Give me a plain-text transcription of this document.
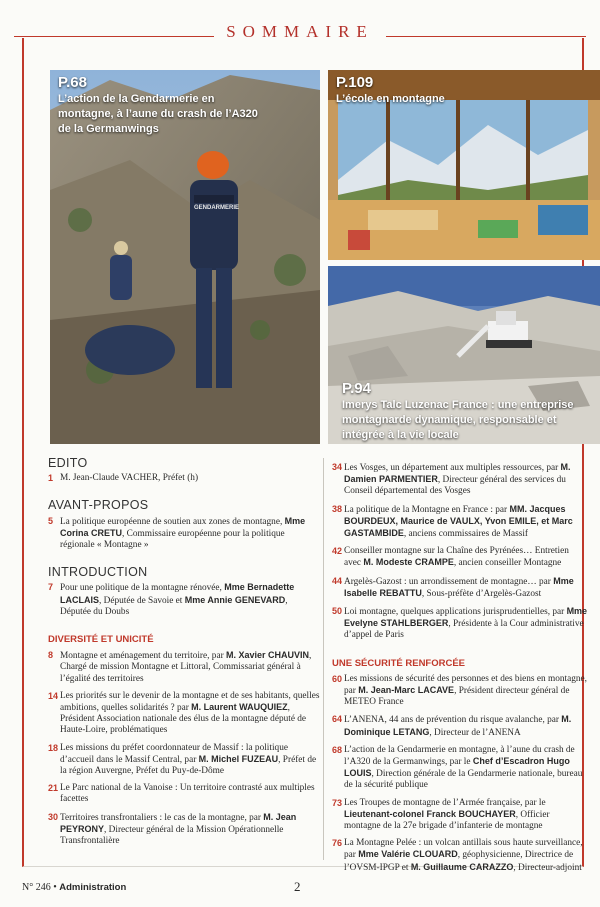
SOMMAIRE
P.68
L’action de la Gendarmerie en montagne, à l’aune du crash de l’A320 de la Germanwings
GENDARMERIE
P.109
L’école en montagne
P.94
Imerys Talc Luzenac France : une entreprise montagnarde dynamique, responsable et intégrée à la vie locale
EDITO
1 M. Jean-Claude VACHER, Préfet (h)
AVANT-PROPOS
5 La politique européenne de soutien aux zones de montagne, Mme Corina CRETU, Commissaire européenne pour la politique régionale « Montagne »
INTRODUCTION
7 Pour une politique de la montagne rénovée, Mme Bernadette LACLAIS, Députée de Savoie et Mme Annie GENEVARD, Députée du Doubs
DIVERSITÉ ET UNICITÉ
8 Montagne et aménagement du territoire, par M. Xavier CHAUVIN, Chargé de mission Montagne et Littoral, Commissariat général à l’égalité des territoires
14 Les priorités sur le devenir de la montagne et de ses habitants, quelles ambitions, quelles solidarités ? par M. Laurent WAUQUIEZ, Président Association nationale des élus de la montagne député de Haute-Loire, problématiques
18 Les missions du préfet coordonnateur de Massif : la politique d’accueil dans le Massif Central, par M. Michel FUZEAU, Préfet de la région Auvergne, Préfet du Puy-de-Dôme
21 Le Parc national de la Vanoise : Un territoire contrasté aux multiples facettes
30 Territoires transfrontaliers : le cas de la montagne, par M. Jean PEYRONY, Directeur général de la Mission Opérationnelle Transfrontalière
34 Les Vosges, un département aux multiples ressources, par M. Damien PARMENTIER, Directeur général des services du Conseil départemental des Vosges
38 La politique de la Montagne en France : par MM. Jacques BOURDEUX, Maurice de VAULX, Yvon EMILE, et Marc GASTAMBIDE, anciens commissaires de Massif
42 Conseiller montagne sur la Chaîne des Pyrénées… Entretien avec M. Modeste CRAMPE, ancien conseiller Montagne
44 Argelès-Gazost : un arrondissement de montagne… par Mme Isabelle REBATTU, Sous-préfète d’Argelès-Gazost
50 Loi montagne, quelques applications jurisprudentielles, par Mme Evelyne STAHLBERGER, Présidente à la Cour administrative d’appel de Paris
UNE SÉCURITÉ RENFORCÉE
60 Les missions de sécurité des personnes et des biens en montagne, par M. Jean-Marc LACAVE, Président directeur général de METEO France
64 L’ANENA, 44 ans de prévention du risque avalanche, par M. Dominique LETANG, Directeur de l’ANENA
68 L’action de la Gendarmerie en montagne, à l’aune du crash de l’A320 de la Germanwings, par le Chef d’Escadron Hugo LOUIS, Direction générale de la Gendarmerie nationale, bureau de la sécurité publique
73 Les Troupes de montagne de l’Armée française, par le Lieutenant-colonel Franck BOUCHAYER, Officier montagne de la 27e brigade d’infanterie de montagne
76 La Montagne Pelée : un volcan antillais sous haute surveillance, par Mme Valérie CLOUARD, géophysicienne, Directrice de l’OVSM-IPGP et M. Guillaume CARAZZO, Directeur-adjoint
N° 246 • Administration	2
